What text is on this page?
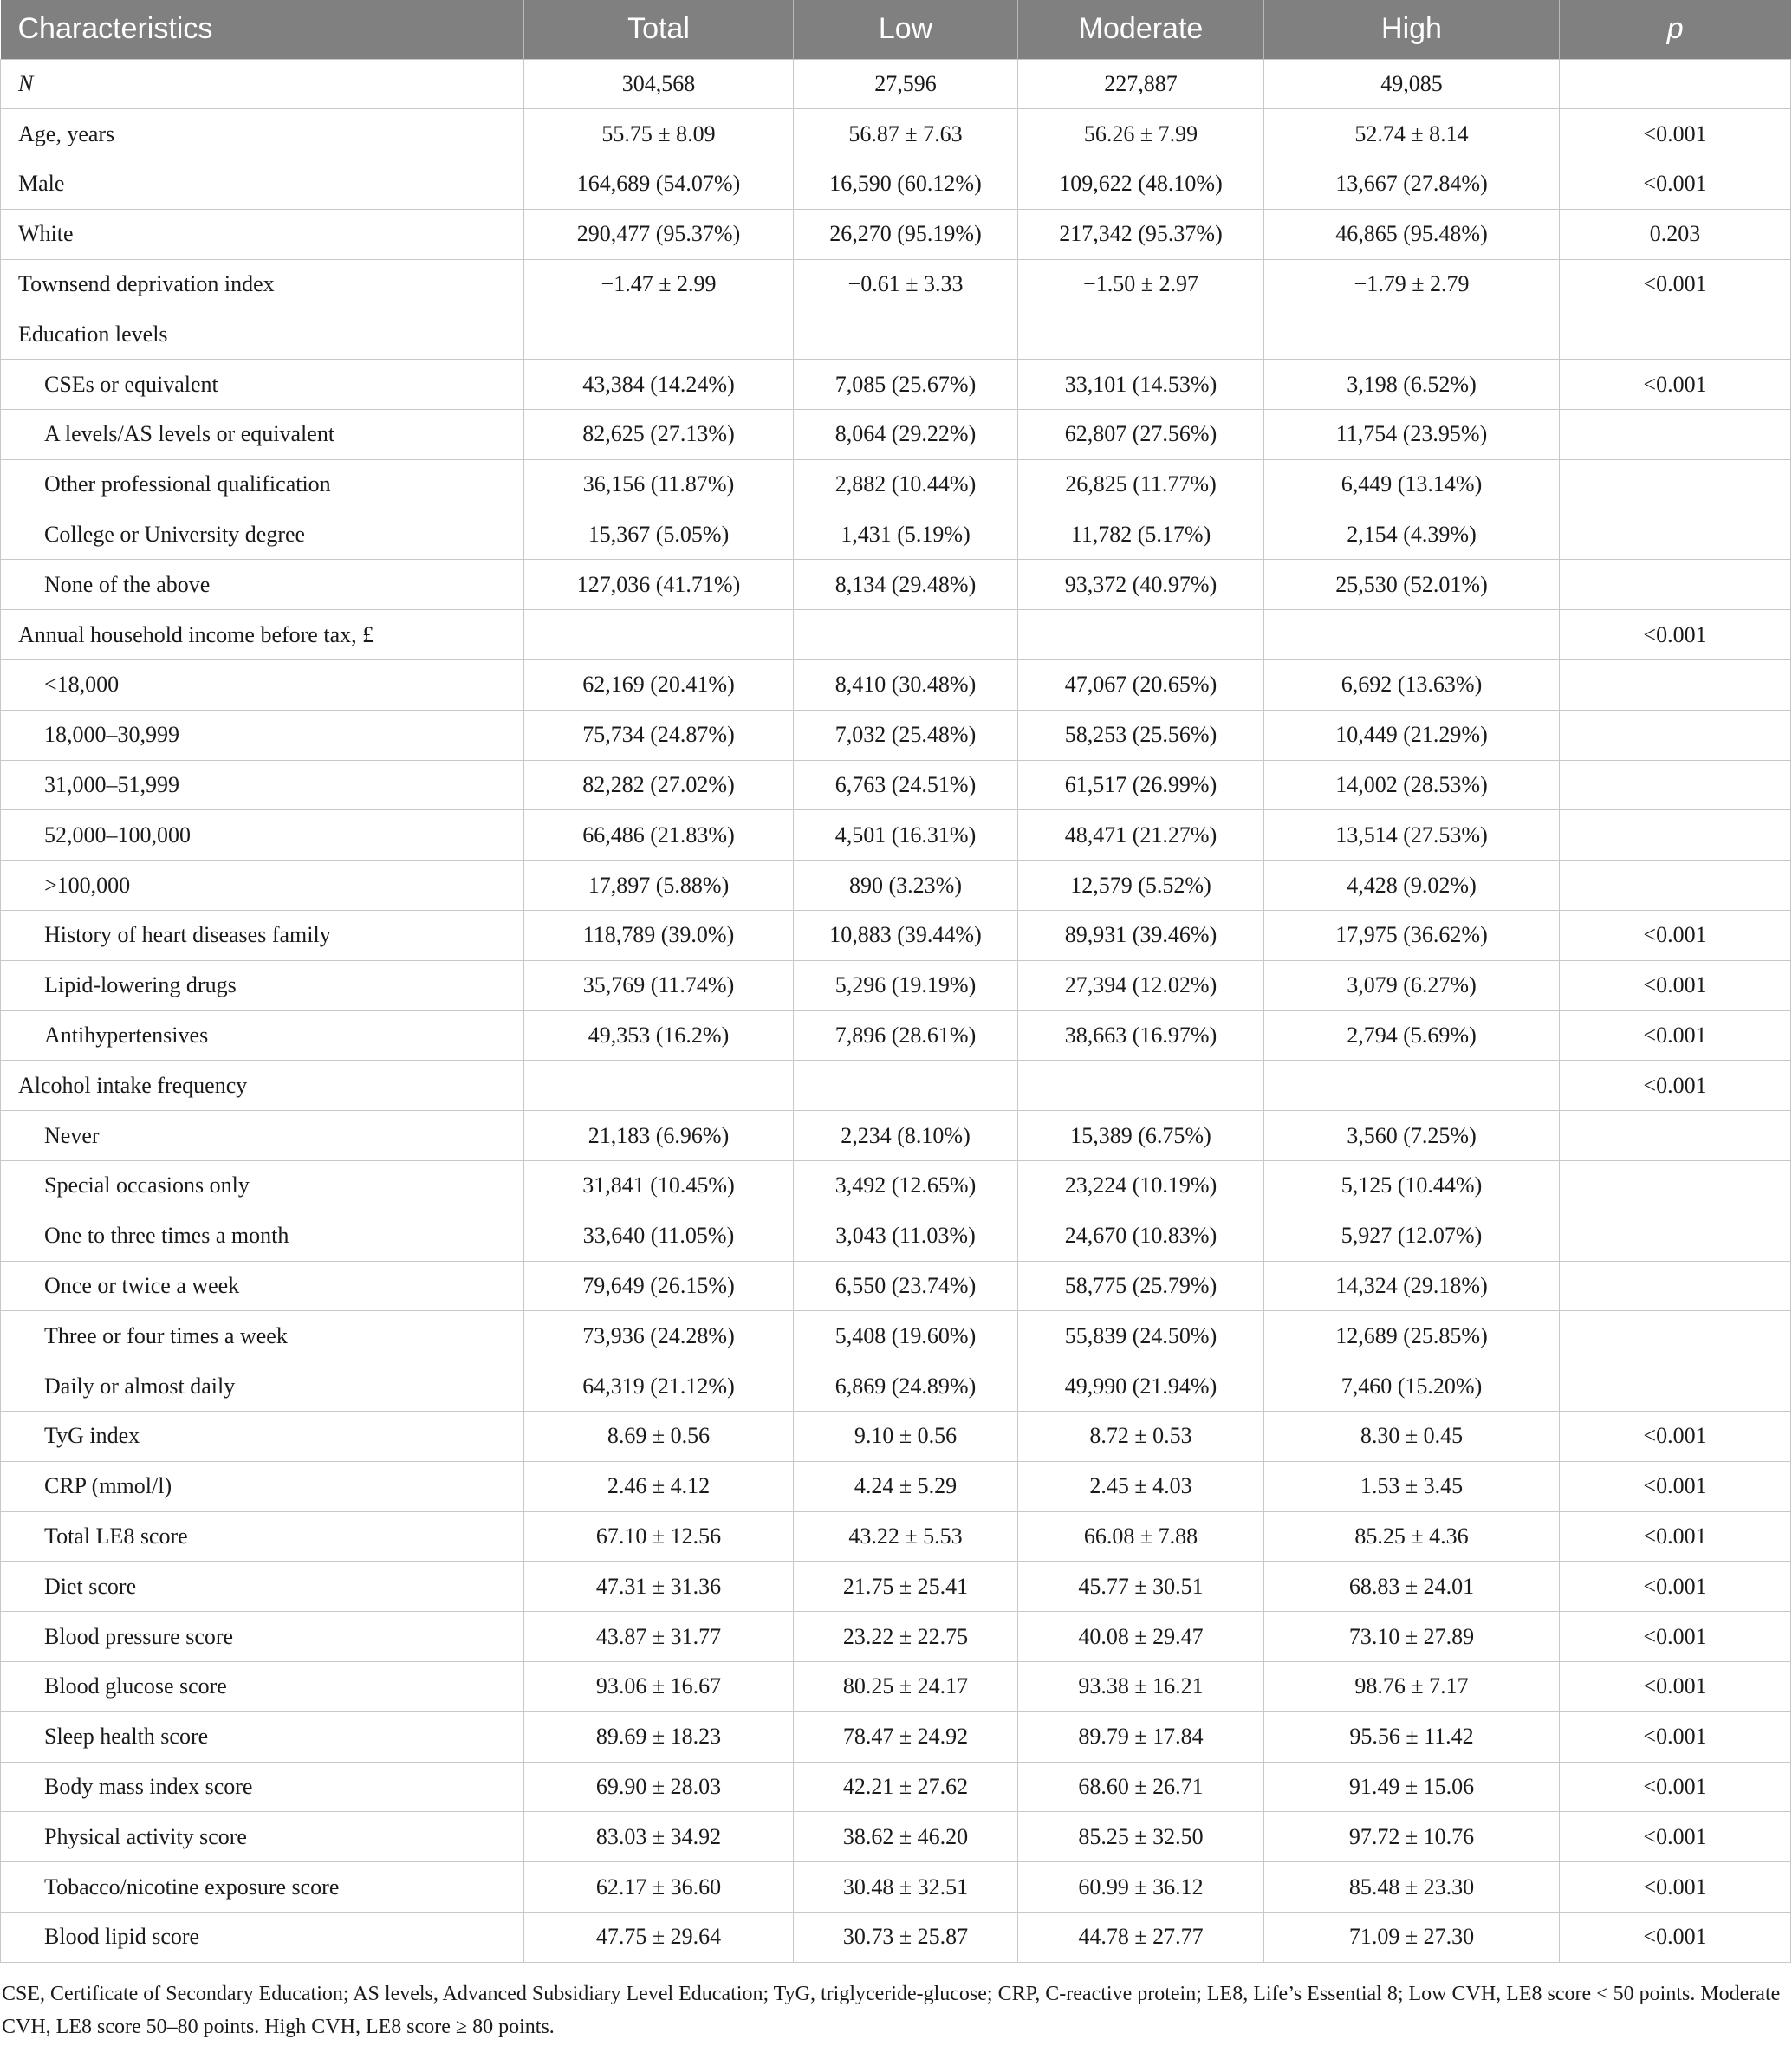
Characteristics	Total	Low	Moderate	High	p
N	304,568	27,596	227,887	49,085	
Age, years	55.75 ± 8.09	56.87 ± 7.63	56.26 ± 7.99	52.74 ± 8.14	<0.001
Male	164,689 (54.07%)	16,590 (60.12%)	109,622 (48.10%)	13,667 (27.84%)	<0.001
White	290,477 (95.37%)	26,270 (95.19%)	217,342 (95.37%)	46,865 (95.48%)	0.203
Townsend deprivation index	−1.47 ± 2.99	−0.61 ± 3.33	−1.50 ± 2.97	−1.79 ± 2.79	<0.001
Education levels					
CSEs or equivalent	43,384 (14.24%)	7,085 (25.67%)	33,101 (14.53%)	3,198 (6.52%)	<0.001
A levels/AS levels or equivalent	82,625 (27.13%)	8,064 (29.22%)	62,807 (27.56%)	11,754 (23.95%)	
Other professional qualification	36,156 (11.87%)	2,882 (10.44%)	26,825 (11.77%)	6,449 (13.14%)	
College or University degree	15,367 (5.05%)	1,431 (5.19%)	11,782 (5.17%)	2,154 (4.39%)	
None of the above	127,036 (41.71%)	8,134 (29.48%)	93,372 (40.97%)	25,530 (52.01%)	
Annual household income before tax, £					<0.001
<18,000	62,169 (20.41%)	8,410 (30.48%)	47,067 (20.65%)	6,692 (13.63%)	
18,000–30,999	75,734 (24.87%)	7,032 (25.48%)	58,253 (25.56%)	10,449 (21.29%)	
31,000–51,999	82,282 (27.02%)	6,763 (24.51%)	61,517 (26.99%)	14,002 (28.53%)	
52,000–100,000	66,486 (21.83%)	4,501 (16.31%)	48,471 (21.27%)	13,514 (27.53%)	
>100,000	17,897 (5.88%)	890 (3.23%)	12,579 (5.52%)	4,428 (9.02%)	
History of heart diseases family	118,789 (39.0%)	10,883 (39.44%)	89,931 (39.46%)	17,975 (36.62%)	<0.001
Lipid-lowering drugs	35,769 (11.74%)	5,296 (19.19%)	27,394 (12.02%)	3,079 (6.27%)	<0.001
Antihypertensives	49,353 (16.2%)	7,896 (28.61%)	38,663 (16.97%)	2,794 (5.69%)	<0.001
Alcohol intake frequency					<0.001
Never	21,183 (6.96%)	2,234 (8.10%)	15,389 (6.75%)	3,560 (7.25%)	
Special occasions only	31,841 (10.45%)	3,492 (12.65%)	23,224 (10.19%)	5,125 (10.44%)	
One to three times a month	33,640 (11.05%)	3,043 (11.03%)	24,670 (10.83%)	5,927 (12.07%)	
Once or twice a week	79,649 (26.15%)	6,550 (23.74%)	58,775 (25.79%)	14,324 (29.18%)	
Three or four times a week	73,936 (24.28%)	5,408 (19.60%)	55,839 (24.50%)	12,689 (25.85%)	
Daily or almost daily	64,319 (21.12%)	6,869 (24.89%)	49,990 (21.94%)	7,460 (15.20%)	
TyG index	8.69 ± 0.56	9.10 ± 0.56	8.72 ± 0.53	8.30 ± 0.45	<0.001
CRP (mmol/l)	2.46 ± 4.12	4.24 ± 5.29	2.45 ± 4.03	1.53 ± 3.45	<0.001
Total LE8 score	67.10 ± 12.56	43.22 ± 5.53	66.08 ± 7.88	85.25 ± 4.36	<0.001
Diet score	47.31 ± 31.36	21.75 ± 25.41	45.77 ± 30.51	68.83 ± 24.01	<0.001
Blood pressure score	43.87 ± 31.77	23.22 ± 22.75	40.08 ± 29.47	73.10 ± 27.89	<0.001
Blood glucose score	93.06 ± 16.67	80.25 ± 24.17	93.38 ± 16.21	98.76 ± 7.17	<0.001
Sleep health score	89.69 ± 18.23	78.47 ± 24.92	89.79 ± 17.84	95.56 ± 11.42	<0.001
Body mass index score	69.90 ± 28.03	42.21 ± 27.62	68.60 ± 26.71	91.49 ± 15.06	<0.001
Physical activity score	83.03 ± 34.92	38.62 ± 46.20	85.25 ± 32.50	97.72 ± 10.76	<0.001
Tobacco/nicotine exposure score	62.17 ± 36.60	30.48 ± 32.51	60.99 ± 36.12	85.48 ± 23.30	<0.001
Blood lipid score	47.75 ± 29.64	30.73 ± 25.87	44.78 ± 27.77	71.09 ± 27.30	<0.001

CSE, Certificate of Secondary Education; AS levels, Advanced Subsidiary Level Education; TyG, triglyceride-glucose; CRP, C-reactive protein; LE8, Life’s Essential 8; Low CVH, LE8 score < 50 points. Moderate CVH, LE8 score 50–80 points. High CVH, LE8 score ≥ 80 points.
